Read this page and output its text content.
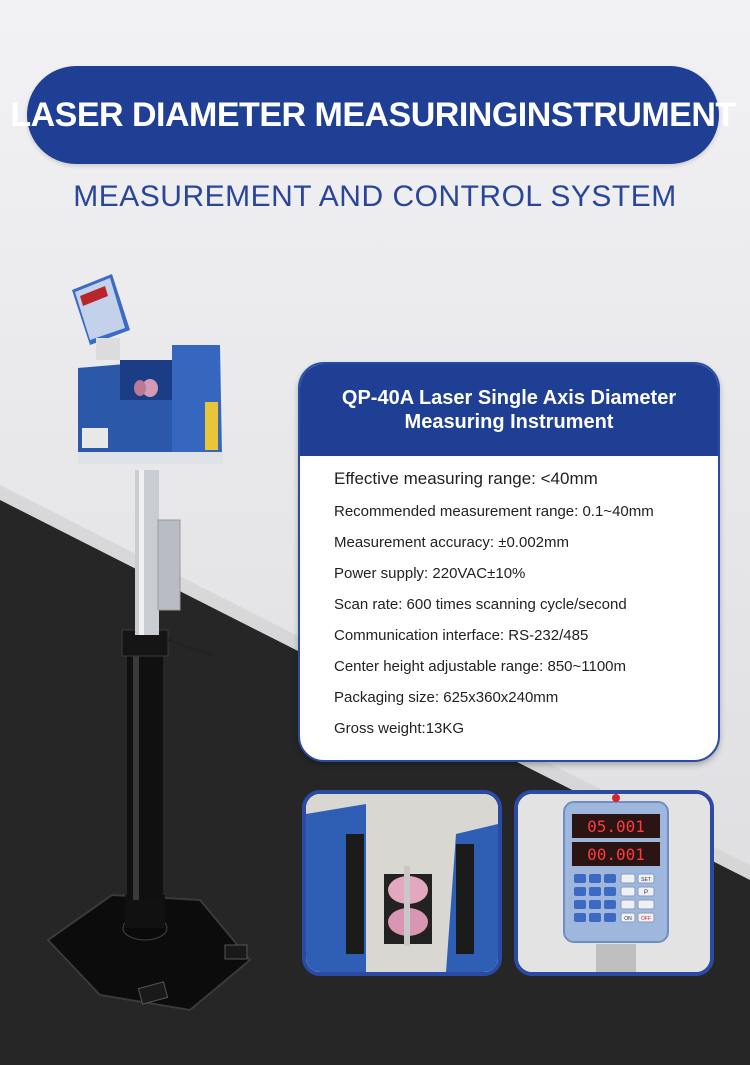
LASER DIAMETER MEASURINGINSTRUMENT
MEASUREMENT AND CONTROL SYSTEM
QP-40A Laser Single Axis Diameter
Measuring Instrument
Effective measuring range: <40mm
Recommended measurement range: 0.1~40mm
Measurement accuracy: ±0.002mm
Power supply: 220VAC±10%
Scan rate: 600 times scanning cycle/second
Communication interface: RS-232/485
Center height adjustable range: 850~1100m
Packaging size: 625x360x240mm
Gross weight:13KG
05.001
00.001
SET
P
ON OFF
